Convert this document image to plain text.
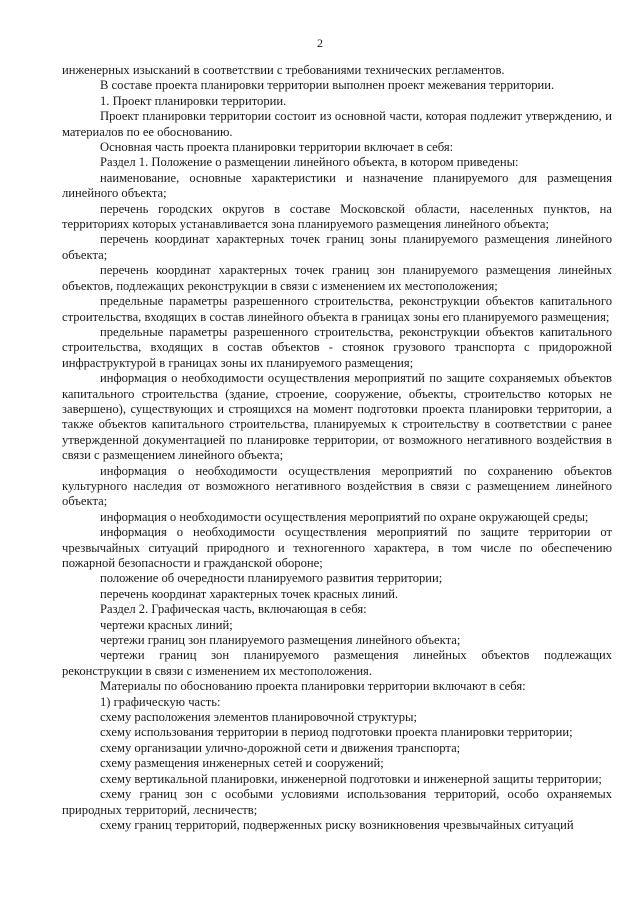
2

инженерных изысканий в соответствии с требованиями технических регламентов.

В составе проекта планировки территории выполнен проект межевания территории.

1. Проект планировки территории.

Проект планировки территории состоит из основной части, которая подлежит утверждению, и материалов по ее обоснованию.

Основная часть проекта планировки территории включает в себя:

Раздел 1. Положение о размещении линейного объекта, в котором приведены:

наименование, основные характеристики и назначение планируемого для размещения линейного объекта;

перечень городских округов в составе Московской области, населенных пунктов, на территориях которых устанавливается зона планируемого размещения линейного объекта;

перечень координат характерных точек границ зоны планируемого размещения линейного объекта;

перечень координат характерных точек границ зон планируемого размещения линейных объектов, подлежащих реконструкции в связи с изменением их местоположения;

предельные параметры разрешенного строительства, реконструкции объектов капитального строительства, входящих в состав линейного объекта в границах зоны его планируемого размещения;

предельные параметры разрешенного строительства, реконструкции объектов капитального строительства, входящих в состав объектов - стоянок грузового транспорта с придорожной инфраструктурой в границах зоны их планируемого размещения;

информация о необходимости осуществления мероприятий по защите сохраняемых объектов капитального строительства (здание, строение, сооружение, объекты, строительство которых не завершено), существующих и строящихся на момент подготовки проекта планировки территории, а также объектов капитального строительства, планируемых к строительству в соответствии с ранее утвержденной документацией по планировке территории, от возможного негативного воздействия в связи с размещением линейного объекта;

информация о необходимости осуществления мероприятий по сохранению объектов культурного наследия от возможного негативного воздействия в связи с размещением линейного объекта;

информация о необходимости осуществления мероприятий по охране окружающей среды;

информация о необходимости осуществления мероприятий по защите территории от чрезвычайных ситуаций природного и техногенного характера, в том числе по обеспечению пожарной безопасности и гражданской обороне;

положение об очередности планируемого развития территории;

перечень координат характерных точек красных линий.

Раздел 2. Графическая часть, включающая в себя:

чертежи красных линий;

чертежи границ зон планируемого размещения линейного объекта;

чертежи границ зон планируемого размещения линейных объектов подлежащих реконструкции в связи с изменением их местоположения.

Материалы по обоснованию проекта планировки территории включают в себя:

1) графическую часть:

схему расположения элементов планировочной структуры;

схему использования территории в период подготовки проекта планировки территории;

схему организации улично-дорожной сети и движения транспорта;

схему размещения инженерных сетей и сооружений;

схему вертикальной планировки, инженерной подготовки и инженерной защиты территории;

схему границ зон с особыми условиями использования территорий, особо охраняемых природных территорий, лесничеств;

схему границ территорий, подверженных риску возникновения чрезвычайных ситуаций
